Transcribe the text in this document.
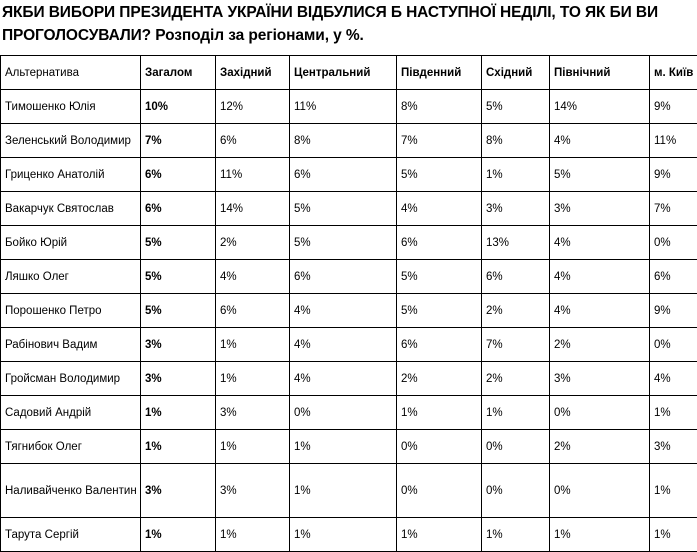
ЯКБИ ВИБОРИ ПРЕЗИДЕНТА УКРАЇНИ ВІДБУЛИСЯ Б НАСТУПНОЇ НЕДІЛІ, ТО ЯК БИ ВИ
ПРОГОЛОСУВАЛИ? Розподіл за регіонами, у %.
Альтернатива	Загалом	Західний	Центральний	Південний	Східний	Північний	м. Київ
Тимошенко Юлія	10%	12%	11%	8%	5%	14%	9%
Зеленський Володимир	7%	6%	8%	7%	8%	4%	11%
Гриценко Анатолій	6%	11%	6%	5%	1%	5%	9%
Вакарчук Святослав	6%	14%	5%	4%	3%	3%	7%
Бойко Юрій	5%	2%	5%	6%	13%	4%	0%
Ляшко Олег	5%	4%	6%	5%	6%	4%	6%
Порошенко Петро	5%	6%	4%	5%	2%	4%	9%
Рабінович Вадим	3%	1%	4%	6%	7%	2%	0%
Гройсман Володимир	3%	1%	4%	2%	2%	3%	4%
Садовий Андрій	1%	3%	0%	1%	1%	0%	1%
Тягнибок Олег	1%	1%	1%	0%	0%	2%	3%
Наливайченко Валентин	3%	3%	1%	0%	0%	0%	1%
Тарута Сергій	1%	1%	1%	1%	1%	1%	1%
